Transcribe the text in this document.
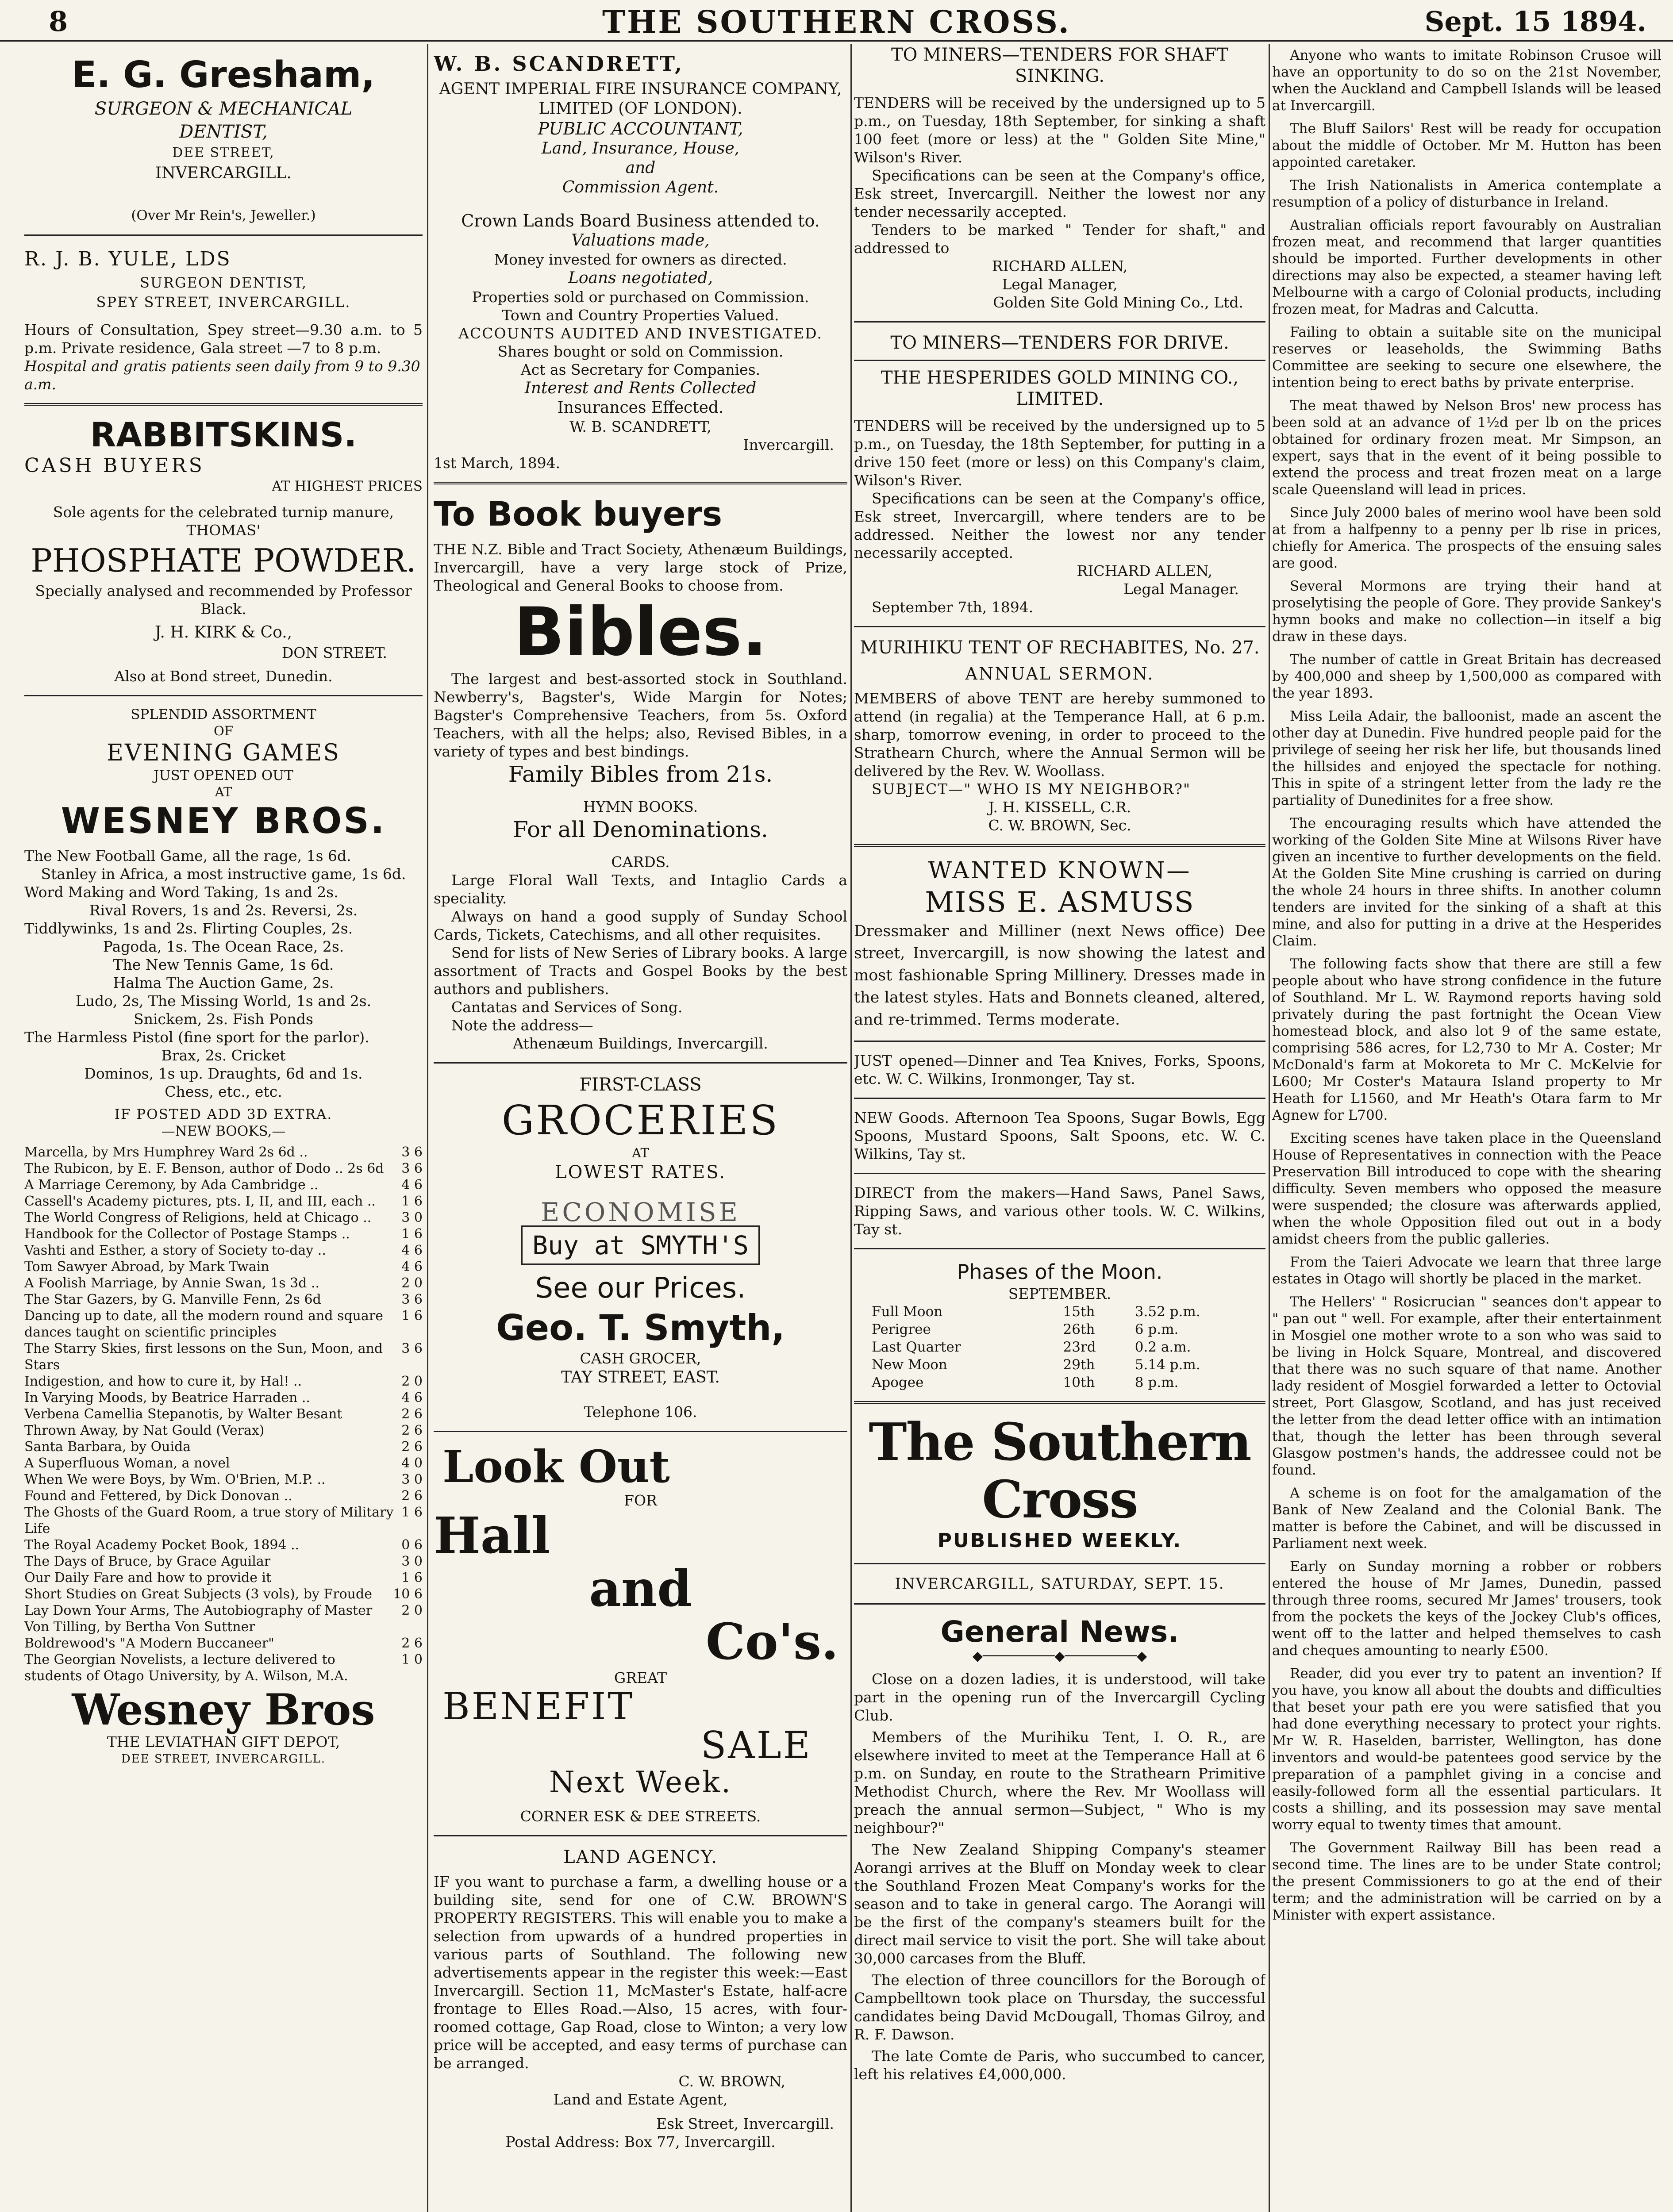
8	THE SOUTHERN CROSS.	Sept. 15 1894.

E. G. Gresham,

SURGEON & MECHANICAL

DENTIST,

DEE STREET,

INVERCARGILL.

(Over Mr Rein's, Jeweller.)

R. J. B. YULE, LDS

SURGEON DENTIST,

SPEY STREET, INVERCARGILL.

Hours of Consultation, Spey street—9.30 a.m. to 5 p.m. Private residence, Gala street —7 to 8 p.m.

Hospital and gratis patients seen daily from 9 to 9.30 a.m.

RABBITSKINS.

CASH BUYERS

AT HIGHEST PRICES

Sole agents for the celebrated turnip manure,

THOMAS'

PHOSPHATE POWDER.

Specially analysed and recommended by Professor Black.

J. H. KIRK & Co.,

DON STREET.

Also at Bond street, Dunedin.

SPLENDID ASSORTMENT

OF

EVENING GAMES

JUST OPENED OUT

AT

WESNEY BROS.

The New Football Game, all the rage, 1s 6d.

Stanley in Africa, a most instructive game, 1s 6d.

Word Making and Word Taking, 1s and 2s.

Rival Rovers, 1s and 2s. Reversi, 2s.

Tiddlywinks, 1s and 2s. Flirting Couples, 2s.

Pagoda, 1s. The Ocean Race, 2s.

The New Tennis Game, 1s 6d.

Halma The Auction Game, 2s.

Ludo, 2s, The Missing World, 1s and 2s.

Snickem, 2s. Fish Ponds

The Harmless Pistol (fine sport for the parlor).

Brax, 2s. Cricket

Dominos, 1s up. Draughts, 6d and 1s.

Chess, etc., etc.

IF POSTED ADD 3D EXTRA.

—NEW BOOKS,—

Marcella, by Mrs Humphrey Ward 2s 6d ..	3 6
The Rubicon, by E. F. Benson, author of Dodo .. 2s 6d	3 6
A Marriage Ceremony, by Ada Cambridge ..	4 6
Cassell's Academy pictures, pts. I, II, and III, each ..	1 6
The World Congress of Religions, held at Chicago ..	3 0
Handbook for the Collector of Postage Stamps ..	1 6
Vashti and Esther, a story of Society to-day ..	4 6
Tom Sawyer Abroad, by Mark Twain	4 6
A Foolish Marriage, by Annie Swan, 1s 3d ..	2 0
The Star Gazers, by G. Manville Fenn, 2s 6d	3 6
Dancing up to date, all the modern round and square dances taught on scientific principles
1 6
The Starry Skies, first lessons on the Sun, Moon, and Stars
3 6
Indigestion, and how to cure it, by Hal! ..	2 0
In Varying Moods, by Beatrice Harraden ..	4 6
Verbena Camellia Stepanotis, by Walter Besant	2 6
Thrown Away, by Nat Gould (Verax)	2 6
Santa Barbara, by Ouida	2 6
A Superfluous Woman, a novel	4 0
When We were Boys, by Wm. O'Brien, M.P. ..	3 0
Found and Fettered, by Dick Donovan ..	2 6
The Ghosts of the Guard Room, a true story of Military Life
1 6
The Royal Academy Pocket Book, 1894 ..	0 6
The Days of Bruce, by Grace Aguilar	3 0
Our Daily Fare and how to provide it	1 6
Short Studies on Great Subjects (3 vols), by Froude	10 6
Lay Down Your Arms, The Autobiography of Master Von Tilling, by Bertha Von Suttner
2 0
Boldrewood's "A Modern Buccaneer"	2 6
The Georgian Novelists, a lecture delivered to students of Otago University, by A. Wilson, M.A.
1 0

Wesney Bros

THE LEVIATHAN GIFT DEPOT,

DEE STREET, INVERCARGILL.

W. B. SCANDRETT,

AGENT IMPERIAL FIRE INSURANCE COMPANY, LIMITED (OF LONDON).

PUBLIC ACCOUNTANT,

Land, Insurance, House,

and

Commission Agent.

Crown Lands Board Business attended to.

Valuations made,

Money invested for owners as directed.

Loans negotiated,

Properties sold or purchased on Commission.

Town and Country Properties Valued.

ACCOUNTS AUDITED AND INVESTIGATED.

Shares bought or sold on Commission.

Act as Secretary for Companies.

Interest and Rents Collected

Insurances Effected.

W. B. SCANDRETT,

Invercargill.

1st March, 1894.

To Book buyers

THE N.Z. Bible and Tract Society, Athenæum Buildings, Invercargill, have a very large stock of Prize, Theological and General Books to choose from.

Bibles.

The largest and best-assorted stock in Southland. Newberry's, Bagster's, Wide Margin for Notes; Bagster's Comprehensive Teachers, from 5s. Oxford Teachers, with all the helps; also, Revised Bibles, in a variety of types and best bindings.

Family Bibles from 21s.

HYMN BOOKS.

For all Denominations.

CARDS.

Large Floral Wall Texts, and Intaglio Cards a speciality.

Always on hand a good supply of Sunday School Cards, Tickets, Catechisms, and all other requisites.

Send for lists of New Series of Library books. A large assortment of Tracts and Gospel Books by the best authors and publishers.

Cantatas and Services of Song.

Note the address—

Athenæum Buildings, Invercargill.

FIRST-CLASS

GROCERIES

AT

LOWEST RATES.

ECONOMISE

Buy at SMYTH'S

See our Prices.

Geo. T. Smyth,

CASH GROCER,

TAY STREET, EAST.

Telephone 106.

Look Out

FOR

Hall

and

Co's.

GREAT

BENEFIT

SALE

Next Week.

CORNER ESK & DEE STREETS.

LAND AGENCY.

IF you want to purchase a farm, a dwelling house or a building site, send for one of C.W. BROWN'S PROPERTY REGISTERS. This will enable you to make a selection from upwards of a hundred properties in various parts of Southland. The following new advertisements appear in the register this week:—East Invercargill. Section 11, McMaster's Estate, half-acre frontage to Elles Road.—Also, 15 acres, with four-roomed cottage, Gap Road, close to Winton; a very low price will be accepted, and easy terms of purchase can be arranged.

C. W. BROWN,

Land and Estate Agent,

Esk Street, Invercargill.

Postal Address: Box 77, Invercargill.

TO MINERS—TENDERS FOR SHAFT SINKING.

TENDERS will be received by the undersigned up to 5 p.m., on Tuesday, 18th September, for sinking a shaft 100 feet (more or less) at the " Golden Site Mine," Wilson's River.

Specifications can be seen at the Company's office, Esk street, Invercargill. Neither the lowest nor any tender necessarily accepted.

Tenders to be marked " Tender for shaft," and addressed to

RICHARD ALLEN,

Legal Manager,

Golden Site Gold Mining Co., Ltd.

TO MINERS—TENDERS FOR DRIVE.

THE HESPERIDES GOLD MINING CO., LIMITED.

TENDERS will be received by the undersigned up to 5 p.m., on Tuesday, the 18th September, for putting in a drive 150 feet (more or less) on this Company's claim, Wilson's River.

Specifications can be seen at the Company's office, Esk street, Invercargill, where tenders are to be addressed. Neither the lowest nor any tender necessarily accepted.

RICHARD ALLEN,

Legal Manager.

September 7th, 1894.

MURIHIKU TENT OF RECHABITES, No. 27.

ANNUAL SERMON.

MEMBERS of above TENT are hereby summoned to attend (in regalia) at the Temperance Hall, at 6 p.m. sharp, tomorrow evening, in order to proceed to the Strathearn Church, where the Annual Sermon will be delivered by the Rev. W. Woollass.

SUBJECT—" WHO IS MY NEIGHBOR?"

J. H. KISSELL, C.R.

C. W. BROWN, Sec.

WANTED KNOWN—

MISS E. ASMUSS

Dressmaker and Milliner (next News office) Dee street, Invercargill, is now showing the latest and most fashionable Spring Millinery. Dresses made in the latest styles. Hats and Bonnets cleaned, altered, and re-trimmed. Terms moderate.

JUST opened—Dinner and Tea Knives, Forks, Spoons, etc. W. C. Wilkins, Ironmonger, Tay st.

NEW Goods. Afternoon Tea Spoons, Sugar Bowls, Egg Spoons, Mustard Spoons, Salt Spoons, etc. W. C. Wilkins, Tay st.

DIRECT from the makers—Hand Saws, Panel Saws, Ripping Saws, and various other tools. W. C. Wilkins, Tay st.

Phases of the Moon.

SEPTEMBER.

Full Moon	15th	3.52 p.m.
Perigree	26th	6 p.m.
Last Quarter	23rd	0.2 a.m.
New Moon	29th	5.14 p.m.
Apogee	10th	8 p.m.

The Southern Cross

PUBLISHED WEEKLY.

INVERCARGILL, SATURDAY, SEPT. 15.

General News.

◆─────────◆─────────◆

Close on a dozen ladies, it is understood, will take part in the opening run of the Invercargill Cycling Club.

Members of the Murihiku Tent, I. O. R., are elsewhere invited to meet at the Temperance Hall at 6 p.m. on Sunday, en route to the Strathearn Primitive Methodist Church, where the Rev. Mr Woollass will preach the annual sermon—Subject, " Who is my neighbour?"

The New Zealand Shipping Company's steamer Aorangi arrives at the Bluff on Monday week to clear the Southland Frozen Meat Company's works for the season and to take in general cargo. The Aorangi will be the first of the company's steamers built for the direct mail service to visit the port. She will take about 30,000 carcases from the Bluff.

The election of three councillors for the Borough of Campbelltown took place on Thursday, the successful candidates being David McDougall, Thomas Gilroy, and R. F. Dawson.

The late Comte de Paris, who succumbed to cancer, left his relatives £4,000,000.

Anyone who wants to imitate Robinson Crusoe will have an opportunity to do so on the 21st November, when the Auckland and Campbell Islands will be leased at Invercargill.

The Bluff Sailors' Rest will be ready for occupation about the middle of October. Mr M. Hutton has been appointed caretaker.

The Irish Nationalists in America contemplate a resumption of a policy of disturbance in Ireland.

Australian officials report favourably on Australian frozen meat, and recommend that larger quantities should be imported. Further developments in other directions may also be expected, a steamer having left Melbourne with a cargo of Colonial products, including frozen meat, for Madras and Calcutta.

Failing to obtain a suitable site on the municipal reserves or leaseholds, the Swimming Baths Committee are seeking to secure one elsewhere, the intention being to erect baths by private enterprise.

The meat thawed by Nelson Bros' new process has been sold at an advance of 1½d per lb on the prices obtained for ordinary frozen meat. Mr Simpson, an expert, says that in the event of it being possible to extend the process and treat frozen meat on a large scale Queensland will lead in prices.

Since July 2000 bales of merino wool have been sold at from a halfpenny to a penny per lb rise in prices, chiefly for America. The prospects of the ensuing sales are good.

Several Mormons are trying their hand at proselytising the people of Gore. They provide Sankey's hymn books and make no collection—in itself a big draw in these days.

The number of cattle in Great Britain has decreased by 400,000 and sheep by 1,500,000 as compared with the year 1893.

Miss Leila Adair, the balloonist, made an ascent the other day at Dunedin. Five hundred people paid for the privilege of seeing her risk her life, but thousands lined the hillsides and enjoyed the spectacle for nothing. This in spite of a stringent letter from the lady re the partiality of Dunedinites for a free show.

The encouraging results which have attended the working of the Golden Site Mine at Wilsons River have given an incentive to further developments on the field. At the Golden Site Mine crushing is carried on during the whole 24 hours in three shifts. In another column tenders are invited for the sinking of a shaft at this mine, and also for putting in a drive at the Hesperides Claim.

The following facts show that there are still a few people about who have strong confidence in the future of Southland. Mr L. W. Raymond reports having sold privately during the past fortnight the Ocean View homestead block, and also lot 9 of the same estate, comprising 586 acres, for L2,730 to Mr A. Coster; Mr McDonald's farm at Mokoreta to Mr C. McKelvie for L600; Mr Coster's Mataura Island property to Mr Heath for L1560, and Mr Heath's Otara farm to Mr Agnew for L700.

Exciting scenes have taken place in the Queensland House of Representatives in connection with the Peace Preservation Bill introduced to cope with the shearing difficulty. Seven members who opposed the measure were suspended; the closure was afterwards applied, when the whole Opposition filed out out in a body amidst cheers from the public galleries.

From the Taieri Advocate we learn that three large estates in Otago will shortly be placed in the market.

The Hellers' " Rosicrucian " seances don't appear to " pan out " well. For example, after their entertainment in Mosgiel one mother wrote to a son who was said to be living in Holck Square, Montreal, and discovered that there was no such square of that name. Another lady resident of Mosgiel forwarded a letter to Octovial street, Port Glasgow, Scotland, and has just received the letter from the dead letter office with an intimation that, though the letter has been through several Glasgow postmen's hands, the addressee could not be found.

A scheme is on foot for the amalgamation of the Bank of New Zealand and the Colonial Bank. The matter is before the Cabinet, and will be discussed in Parliament next week.

Early on Sunday morning a robber or robbers entered the house of Mr James, Dunedin, passed through three rooms, secured Mr James' trousers, took from the pockets the keys of the Jockey Club's offices, went off to the latter and helped themselves to cash and cheques amounting to nearly £500.

Reader, did you ever try to patent an invention? If you have, you know all about the doubts and difficulties that beset your path ere you were satisfied that you had done everything necessary to protect your rights. Mr W. R. Haselden, barrister, Wellington, has done inventors and would-be patentees good service by the preparation of a pamphlet giving in a concise and easily-followed form all the essential particulars. It costs a shilling, and its possession may save mental worry equal to twenty times that amount.

The Government Railway Bill has been read a second time. The lines are to be under State control; the present Commissioners to go at the end of their term; and the administration will be carried on by a Minister with expert assistance.
